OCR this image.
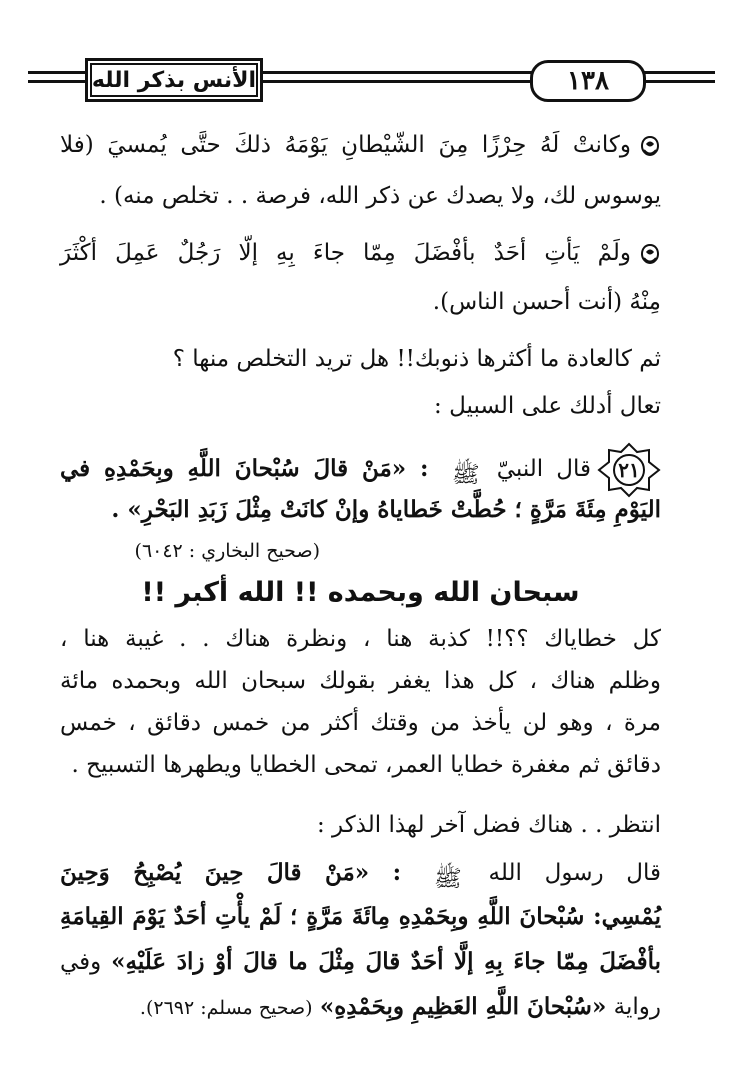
١٣٨
الأنس بذكر الله
وكانتْ لَهُ حِرْزًا مِنَ الشّيْطانِ يَوْمَهُ ذلكَ حتَّى يُمسيَ (فلا
يوسوس لك، ولا يصدك عن ذكر الله، فرصة . . تخلص منه) .
ولَمْ يَأتِ أحَدٌ بأفْضَلَ مِمّا جاءَ بِهِ إلّا رَجُلٌ عَمِلَ أكْثَرَ
مِنْهُ (أنت أحسن الناس).
ثم كالعادة ما أكثرها ذنوبك!! هل تريد التخلص منها ؟
تعال أدلك على السبيل :
٢١
قال النبيّ ﷺ : «مَنْ قالَ سُبْحانَ اللَّهِ وبِحَمْدِهِ في
اليَوْمِ مِئَةَ مَرَّةٍ ؛ حُطَّتْ خَطاياهُ وإنْ كانَتْ مِثْلَ زَبَدِ البَحْرِ» .
(صحيح البخاري : ٦٠٤٢)
سبحان الله وبحمده !! الله أكبر !!
كل خطاياك ؟؟!! كذبة هنا ، ونظرة هناك . . غيبة هنا ،
وظلم هناك ، كل هذا يغفر بقولك سبحان الله وبحمده مائة
مرة ، وهو لن يأخذ من وقتك أكثر من خمس دقائق ، خمس
دقائق ثم مغفرة خطايا العمر، تمحى الخطايا ويطهرها التسبيح .
انتظر . . هناك فضل آخر لهذا الذكر :
قال رسول الله ﷺ : «مَنْ قالَ حِينَ يُصْبِحُ وَحِينَ
يُمْسِي: سُبْحانَ اللَّهِ وبِحَمْدِهِ مِائَةَ مَرَّةٍ ؛ لَمْ يأْتِ أحَدٌ يَوْمَ القِيامَةِ
بأفْضَلَ مِمّا جاءَ بِهِ إلَّا أحَدٌ قالَ مِثْلَ ما قالَ أوْ زادَ عَلَيْهِ» وفي
رواية «سُبْحانَ اللَّهِ العَظِيمِ وبِحَمْدِهِ» (صحيح مسلم: ٢٦٩٢).
